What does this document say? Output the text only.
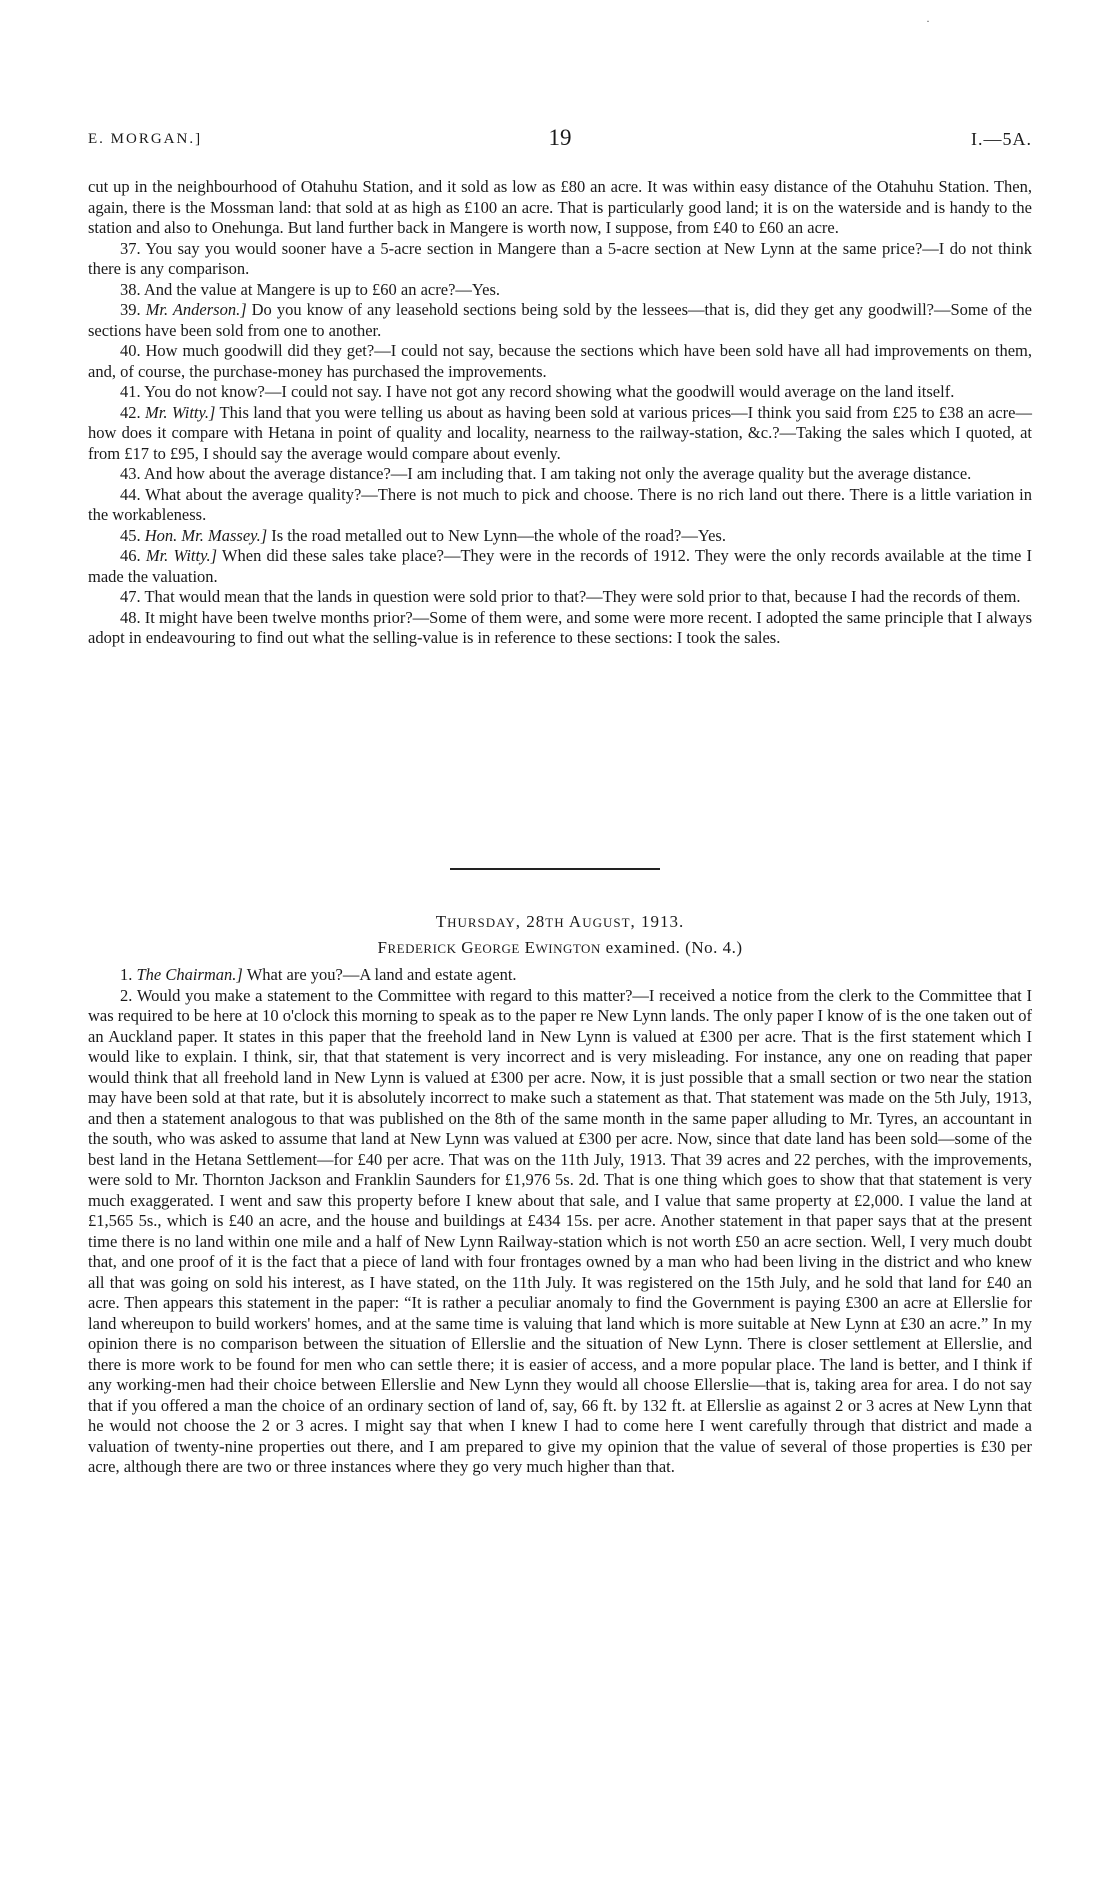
·
E. MORGAN.]	19	I.—5A.

cut up in the neighbourhood of Otahuhu Station, and it sold as low as £80 an acre. It was within easy distance of the Otahuhu Station. Then, again, there is the Mossman land: that sold at as high as £100 an acre. That is particularly good land; it is on the waterside and is handy to the station and also to Onehunga. But land further back in Mangere is worth now, I suppose, from £40 to £60 an acre.

37. You say you would sooner have a 5-acre section in Mangere than a 5-acre section at New Lynn at the same price?—I do not think there is any comparison.

38. And the value at Mangere is up to £60 an acre?—Yes.

39. Mr. Anderson.] Do you know of any leasehold sections being sold by the lessees—that is, did they get any goodwill?—Some of the sections have been sold from one to another.

40. How much goodwill did they get?—I could not say, because the sections which have been sold have all had improvements on them, and, of course, the purchase-money has purchased the improvements.

41. You do not know?—I could not say. I have not got any record showing what the goodwill would average on the land itself.

42. Mr. Witty.] This land that you were telling us about as having been sold at various prices—I think you said from £25 to £38 an acre—how does it compare with Hetana in point of quality and locality, nearness to the railway-station, &c.?—Taking the sales which I quoted, at from £17 to £95, I should say the average would compare about evenly.

43. And how about the average distance?—I am including that. I am taking not only the average quality but the average distance.

44. What about the average quality?—There is not much to pick and choose. There is no rich land out there. There is a little variation in the workableness.

45. Hon. Mr. Massey.] Is the road metalled out to New Lynn—the whole of the road?—Yes.

46. Mr. Witty.] When did these sales take place?—They were in the records of 1912. They were the only records available at the time I made the valuation.

47. That would mean that the lands in question were sold prior to that?—They were sold prior to that, because I had the records of them.

48. It might have been twelve months prior?—Some of them were, and some were more recent. I adopted the same principle that I always adopt in endeavouring to find out what the selling-value is in reference to these sections: I took the sales.

THURSDAY, 28TH AUGUST, 1913.
FREDERICK GEORGE EWINGTON examined. (No. 4.)

1. The Chairman.] What are you?—A land and estate agent.

2. Would you make a statement to the Committee with regard to this matter?—I received a notice from the clerk to the Committee that I was required to be here at 10 o'clock this morning to speak as to the paper re New Lynn lands. The only paper I know of is the one taken out of an Auckland paper. It states in this paper that the freehold land in New Lynn is valued at £300 per acre. That is the first statement which I would like to explain. I think, sir, that that statement is very incorrect and is very misleading. For instance, any one on reading that paper would think that all freehold land in New Lynn is valued at £300 per acre. Now, it is just possible that a small section or two near the station may have been sold at that rate, but it is absolutely incorrect to make such a statement as that. That statement was made on the 5th July, 1913, and then a statement analogous to that was published on the 8th of the same month in the same paper alluding to Mr. Tyres, an accountant in the south, who was asked to assume that land at New Lynn was valued at £300 per acre. Now, since that date land has been sold—some of the best land in the Hetana Settlement—for £40 per acre. That was on the 11th July, 1913. That 39 acres and 22 perches, with the improvements, were sold to Mr. Thornton Jackson and Franklin Saunders for £1,976 5s. 2d. That is one thing which goes to show that that statement is very much exaggerated. I went and saw this property before I knew about that sale, and I value that same property at £2,000. I value the land at £1,565 5s., which is £40 an acre, and the house and buildings at £434 15s. per acre. Another statement in that paper says that at the present time there is no land within one mile and a half of New Lynn Railway-station which is not worth £50 an acre section. Well, I very much doubt that, and one proof of it is the fact that a piece of land with four frontages owned by a man who had been living in the district and who knew all that was going on sold his interest, as I have stated, on the 11th July. It was registered on the 15th July, and he sold that land for £40 an acre. Then appears this statement in the paper: “It is rather a peculiar anomaly to find the Government is paying £300 an acre at Ellerslie for land whereupon to build workers' homes, and at the same time is valuing that land which is more suitable at New Lynn at £30 an acre.” In my opinion there is no comparison between the situation of Ellerslie and the situation of New Lynn. There is closer settlement at Ellerslie, and there is more work to be found for men who can settle there; it is easier of access, and a more popular place. The land is better, and I think if any working-men had their choice between Ellerslie and New Lynn they would all choose Ellerslie—that is, taking area for area. I do not say that if you offered a man the choice of an ordinary section of land of, say, 66 ft. by 132 ft. at Ellerslie as against 2 or 3 acres at New Lynn that he would not choose the 2 or 3 acres. I might say that when I knew I had to come here I went carefully through that district and made a valuation of twenty-nine properties out there, and I am prepared to give my opinion that the value of several of those properties is £30 per acre, although there are two or three instances where they go very much higher than that.
